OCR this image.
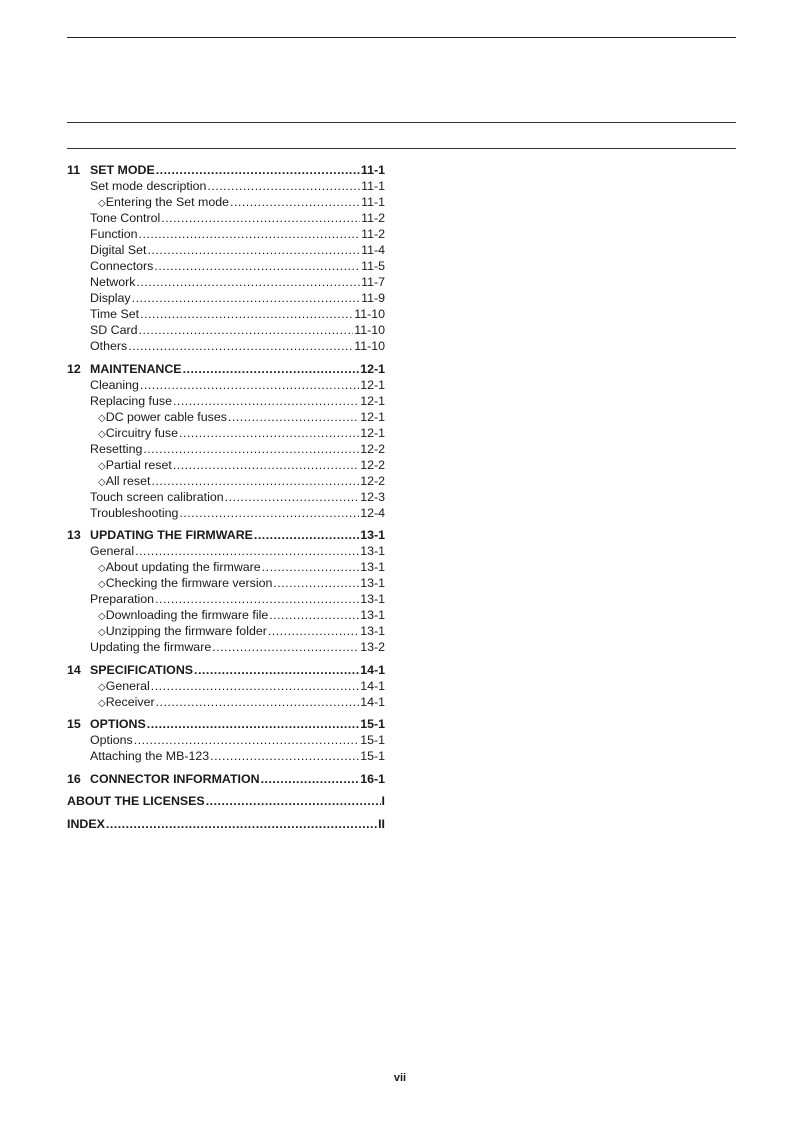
11 SET MODE .....	11-1
Set mode description .....	11-1
◇ Entering the Set mode .....	11-1
Tone Control .....	11-2
Function .....	11-2
Digital Set .....	11-4
Connectors .....	11-5
Network .....	11-7
Display .....	11-9
Time Set .....	11-10
SD Card .....	11-10
Others .....	11-10
12 MAINTENANCE .....	12-1
Cleaning .....	12-1
Replacing fuse .....	12-1
◇ DC power cable fuses .....	12-1
◇ Circuitry fuse .....	12-1
Resetting .....	12-2
◇ Partial reset .....	12-2
◇ All reset .....	12-2
Touch screen calibration .....	12-3
Troubleshooting .....	12-4
13 UPDATING THE FIRMWARE .....	13-1
General .....	13-1
◇ About updating the firmware .....	13-1
◇ Checking the firmware version .....	13-1
Preparation .....	13-1
◇ Downloading the firmware file .....	13-1
◇ Unzipping the firmware folder .....	13-1
Updating the firmware .....	13-2
14 SPECIFICATIONS .....	14-1
◇ General .....	14-1
◇ Receiver .....	14-1
15 OPTIONS .....	15-1
Options .....	15-1
Attaching the MB-123 .....	15-1
16 CONNECTOR INFORMATION .....	16-1
ABOUT THE LICENSES .....	I
INDEX .....	II
vii
